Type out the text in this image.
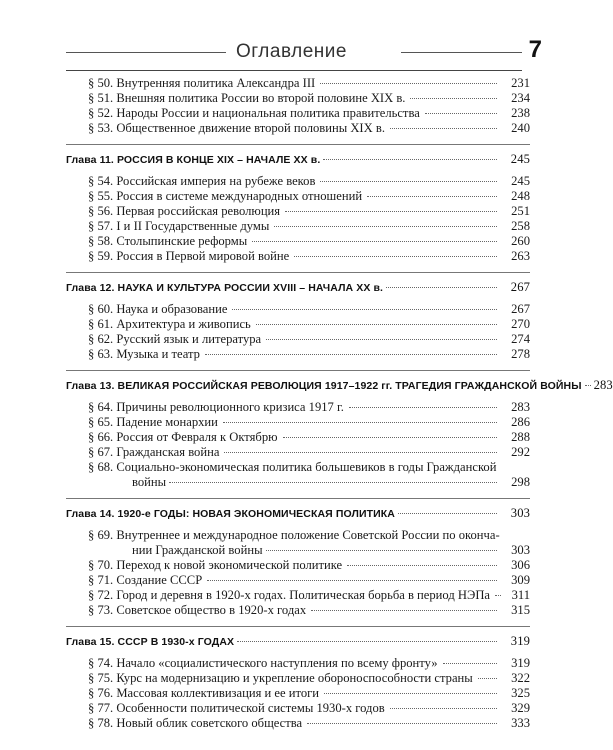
Оглавление	7
§ 50. Внутренняя политика Александра III	231
§ 51. Внешняя политика России во второй половине XIX в.	234
§ 52. Народы России и национальная политика правительства	238
§ 53. Общественное движение второй половины XIX в.	240
Глава 11. РОССИЯ В КОНЦЕ XIX – НАЧАЛЕ XX в.	245
§ 54. Российская империя на рубеже веков	245
§ 55. Россия в системе международных отношений	248
§ 56. Первая российская революция	251
§ 57. I и II Государственные думы	258
§ 58. Столыпинские реформы	260
§ 59. Россия в Первой мировой войне	263
Глава 12. НАУКА И КУЛЬТУРА РОССИИ XVIII – НАЧАЛА XX в.	267
§ 60. Наука и образование	267
§ 61. Архитектура и живопись	270
§ 62. Русский язык и литература	274
§ 63. Музыка и театр	278
Глава 13. ВЕЛИКАЯ РОССИЙСКАЯ РЕВОЛЮЦИЯ 1917–1922 гг. ТРАГЕДИЯ ГРАЖДАНСКОЙ ВОЙНЫ 283
§ 64. Причины революционного кризиса 1917 г.	283
§ 65. Падение монархии	286
§ 66. Россия от Февраля к Октябрю	288
§ 67. Гражданская война	292
§ 68. Социально-экономическая политика большевиков в годы Гражданской
войны	298
Глава 14. 1920-е ГОДЫ: НОВАЯ ЭКОНОМИЧЕСКАЯ ПОЛИТИКА	303
§ 69. Внутреннее и международное положение Советской России по оконча-
нии Гражданской войны	303
§ 70. Переход к новой экономической политике	306
§ 71. Создание СССР	309
§ 72. Город и деревня в 1920-х годах. Политическая борьба в период НЭПа	311
§ 73. Советское общество в 1920-х годах	315
Глава 15. СССР В 1930-х ГОДАХ	319
§ 74. Начало «социалистического наступления по всему фронту»	319
§ 75. Курс на модернизацию и укрепление обороноспособности страны	322
§ 76. Массовая коллективизация и ее итоги	325
§ 77. Особенности политической системы 1930-х годов	329
§ 78. Новый облик советского общества	333
